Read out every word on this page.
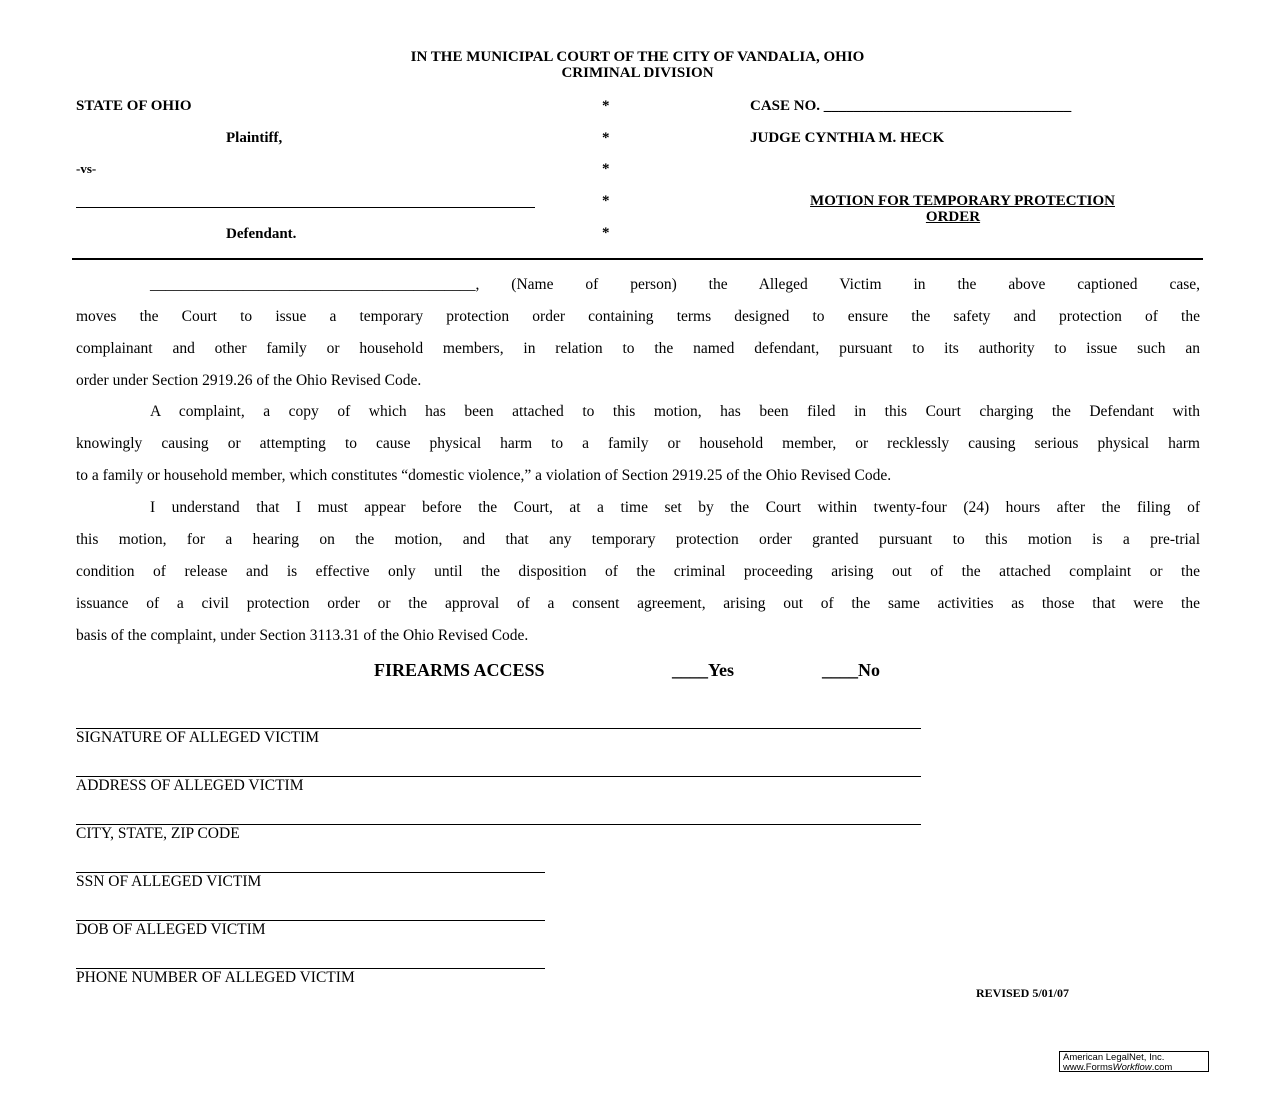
IN THE MUNICIPAL COURT OF THE CITY OF VANDALIA, OHIO
CRIMINAL DIVISION
STATE OF OHIO
Plaintiff,
-vs-
Defendant.
*
*
*
*
*
CASE NO. _________________________________
JUDGE CYNTHIA M. HECK
MOTION FOR TEMPORARY PROTECTION
ORDER
__________________________________________, (Name of person) the Alleged Victim in the above captioned case,
moves the Court to issue a temporary protection order containing terms designed to ensure the safety and protection of the
complainant and other family or household members, in relation to the named defendant, pursuant to its authority to issue such an
order under Section 2919.26 of the Ohio Revised Code.
A complaint, a copy of which has been attached to this motion, has been filed in this Court charging the Defendant with
knowingly causing or attempting to cause physical harm to a family or household member, or recklessly causing serious physical harm
to a family or household member, which constitutes “domestic violence,” a violation of Section 2919.25 of the Ohio Revised Code.
I understand that I must appear before the Court, at a time set by the Court within twenty-four (24) hours after the filing of
this motion, for a hearing on the motion, and that any temporary protection order granted pursuant to this motion is a pre-trial
condition of release and is effective only until the disposition of the criminal proceeding arising out of the attached complaint or the
issuance of a civil protection order or the approval of a consent agreement, arising out of the same activities as those that were the
basis of the complaint, under Section 3113.31 of the Ohio Revised Code.
FIREARMS ACCESS	____Yes	____No
SIGNATURE OF ALLEGED VICTIM
ADDRESS OF ALLEGED VICTIM
CITY, STATE, ZIP CODE
SSN OF ALLEGED VICTIM
DOB OF ALLEGED VICTIM
PHONE NUMBER OF ALLEGED VICTIM
REVISED 5/01/07
American LegalNet, Inc.
www.FormsWorkflow.com
